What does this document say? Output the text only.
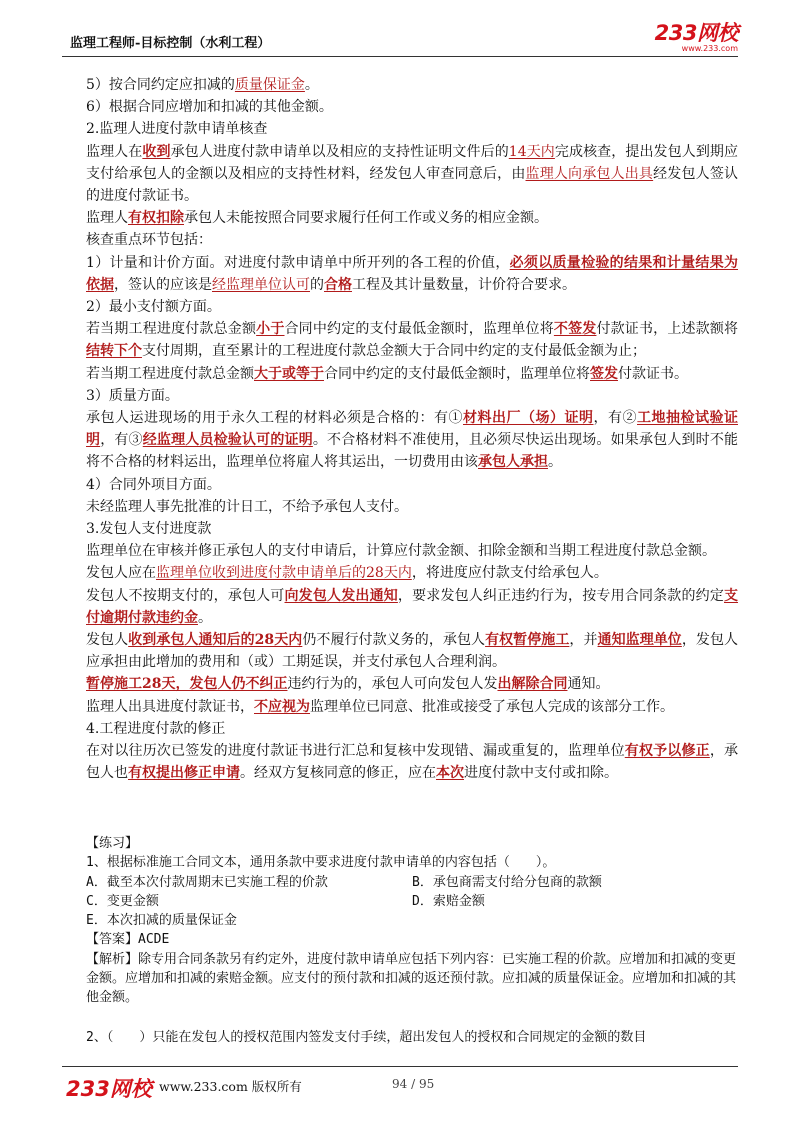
监理工程师-目标控制（水利工程）	233网校
www.233.com

5）按合同约定应扣减的质量保证金。

6）根据合同应增加和扣减的其他金额。

2.监理人进度付款申请单核查

监理人在收到承包人进度付款申请单以及相应的支持性证明文件后的14天内完成核查，提出发包人到期应支付给承包人的金额以及相应的支持性材料，经发包人审查同意后，由监理人向承包人出具经发包人签认的进度付款证书。

监理人有权扣除承包人未能按照合同要求履行任何工作或义务的相应金额。

核查重点环节包括：

1）计量和计价方面。对进度付款申请单中所开列的各工程的价值，必须以质量检验的结果和计量结果为依据，签认的应该是经监理单位认可的合格工程及其计量数量，计价符合要求。

2）最小支付额方面。

若当期工程进度付款总金额小于合同中约定的支付最低金额时，监理单位将不签发付款证书，上述款额将结转下个支付周期，直至累计的工程进度付款总金额大于合同中约定的支付最低金额为止；

若当期工程进度付款总金额大于或等于合同中约定的支付最低金额时，监理单位将签发付款证书。

3）质量方面。

承包人运进现场的用于永久工程的材料必须是合格的：有①材料出厂（场）证明，有②工地抽检试验证明，有③经监理人员检验认可的证明。不合格材料不准使用，且必须尽快运出现场。如果承包人到时不能将不合格的材料运出，监理单位将雇人将其运出，一切费用由该承包人承担。

4）合同外项目方面。

未经监理人事先批准的计日工，不给予承包人支付。

3.发包人支付进度款

监理单位在审核并修正承包人的支付申请后，计算应付款金额、扣除金额和当期工程进度付款总金额。

发包人应在监理单位收到进度付款申请单后的28天内，将进度应付款支付给承包人。

发包人不按期支付的，承包人可向发包人发出通知，要求发包人纠正违约行为，按专用合同条款的约定支付逾期付款违约金。

发包人收到承包人通知后的28天内仍不履行付款义务的，承包人有权暂停施工，并通知监理单位，发包人应承担由此增加的费用和（或）工期延误，并支付承包人合理利润。

暂停施工28天，发包人仍不纠正违约行为的，承包人可向发包人发出解除合同通知。

监理人出具进度付款证书，不应视为监理单位已同意、批准或接受了承包人完成的该部分工作。

4.工程进度付款的修正

在对以往历次已签发的进度付款证书进行汇总和复核中发现错、漏或重复的，监理单位有权予以修正，承包人也有权提出修正申请。经双方复核同意的修正，应在本次进度付款中支付或扣除。

【练习】

1、根据标准施工合同文本，通用条款中要求进度付款申请单的内容包括（　　）。

A．截至本次付款周期末已实施工程的价款	B．承包商需支付给分包商的款额

C．变更金额	D．索赔金额

E．本次扣减的质量保证金

【答案】ACDE

【解析】除专用合同条款另有约定外，进度付款申请单应包括下列内容：已实施工程的价款。应增加和扣减的变更金额。应增加和扣减的索赔金额。应支付的预付款和扣减的返还预付款。应扣减的质量保证金。应增加和扣减的其他金额。

2、（　　）只能在发包人的授权范围内签发支付手续，超出发包人的授权和合同规定的金额的数目

233网校 www.233.com 版权所有	94 / 95
